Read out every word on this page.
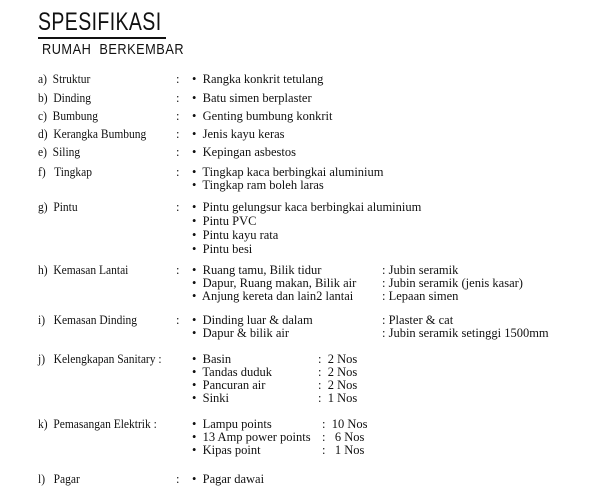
SPESIFIKASI
RUMAH  BERKEMBAR
a)  Struktur	: •  Rangka konkrit tetulang
b)  Dinding	: •  Batu simen berplaster
c)  Bumbung	: •  Genting bumbung konkrit
d)  Kerangka Bumbung : •  Jenis kayu keras
e)  Siling	: •  Kepingan asbestos
f)   Tingkap	: •  Tingkap kaca berbingkai aluminium
•  Tingkap ram boleh laras
g)  Pintu	: •  Pintu gelungsur kaca berbingkai aluminium
•  Pintu PVC
•  Pintu kayu rata
•  Pintu besi
h)  Kemasan Lantai	: •  Ruang tamu, Bilik tidur	: Jubin seramik
•  Dapur, Ruang makan, Bilik air : Jubin seramik (jenis kasar)
•  Anjung kereta dan lain2 lantai : Lepaan simen
i)   Kemasan Dinding	: •  Dinding luar & dalam	: Plaster & cat
•  Dapur & bilik air	: Jubin seramik setinggi 1500mm
j)   Kelengkapan Sanitary : •  Basin	:  2 Nos
•  Tandas duduk	:  2 Nos
•  Pancuran air	:  2 Nos
•  Sinki	:  1 Nos
k)  Pemasangan Elektrik :	•  Lampu points	:  10 Nos
•  13 Amp power points :   6 Nos
•  Kipas point	:   1 Nos
l)   Pagar	: •  Pagar dawai
